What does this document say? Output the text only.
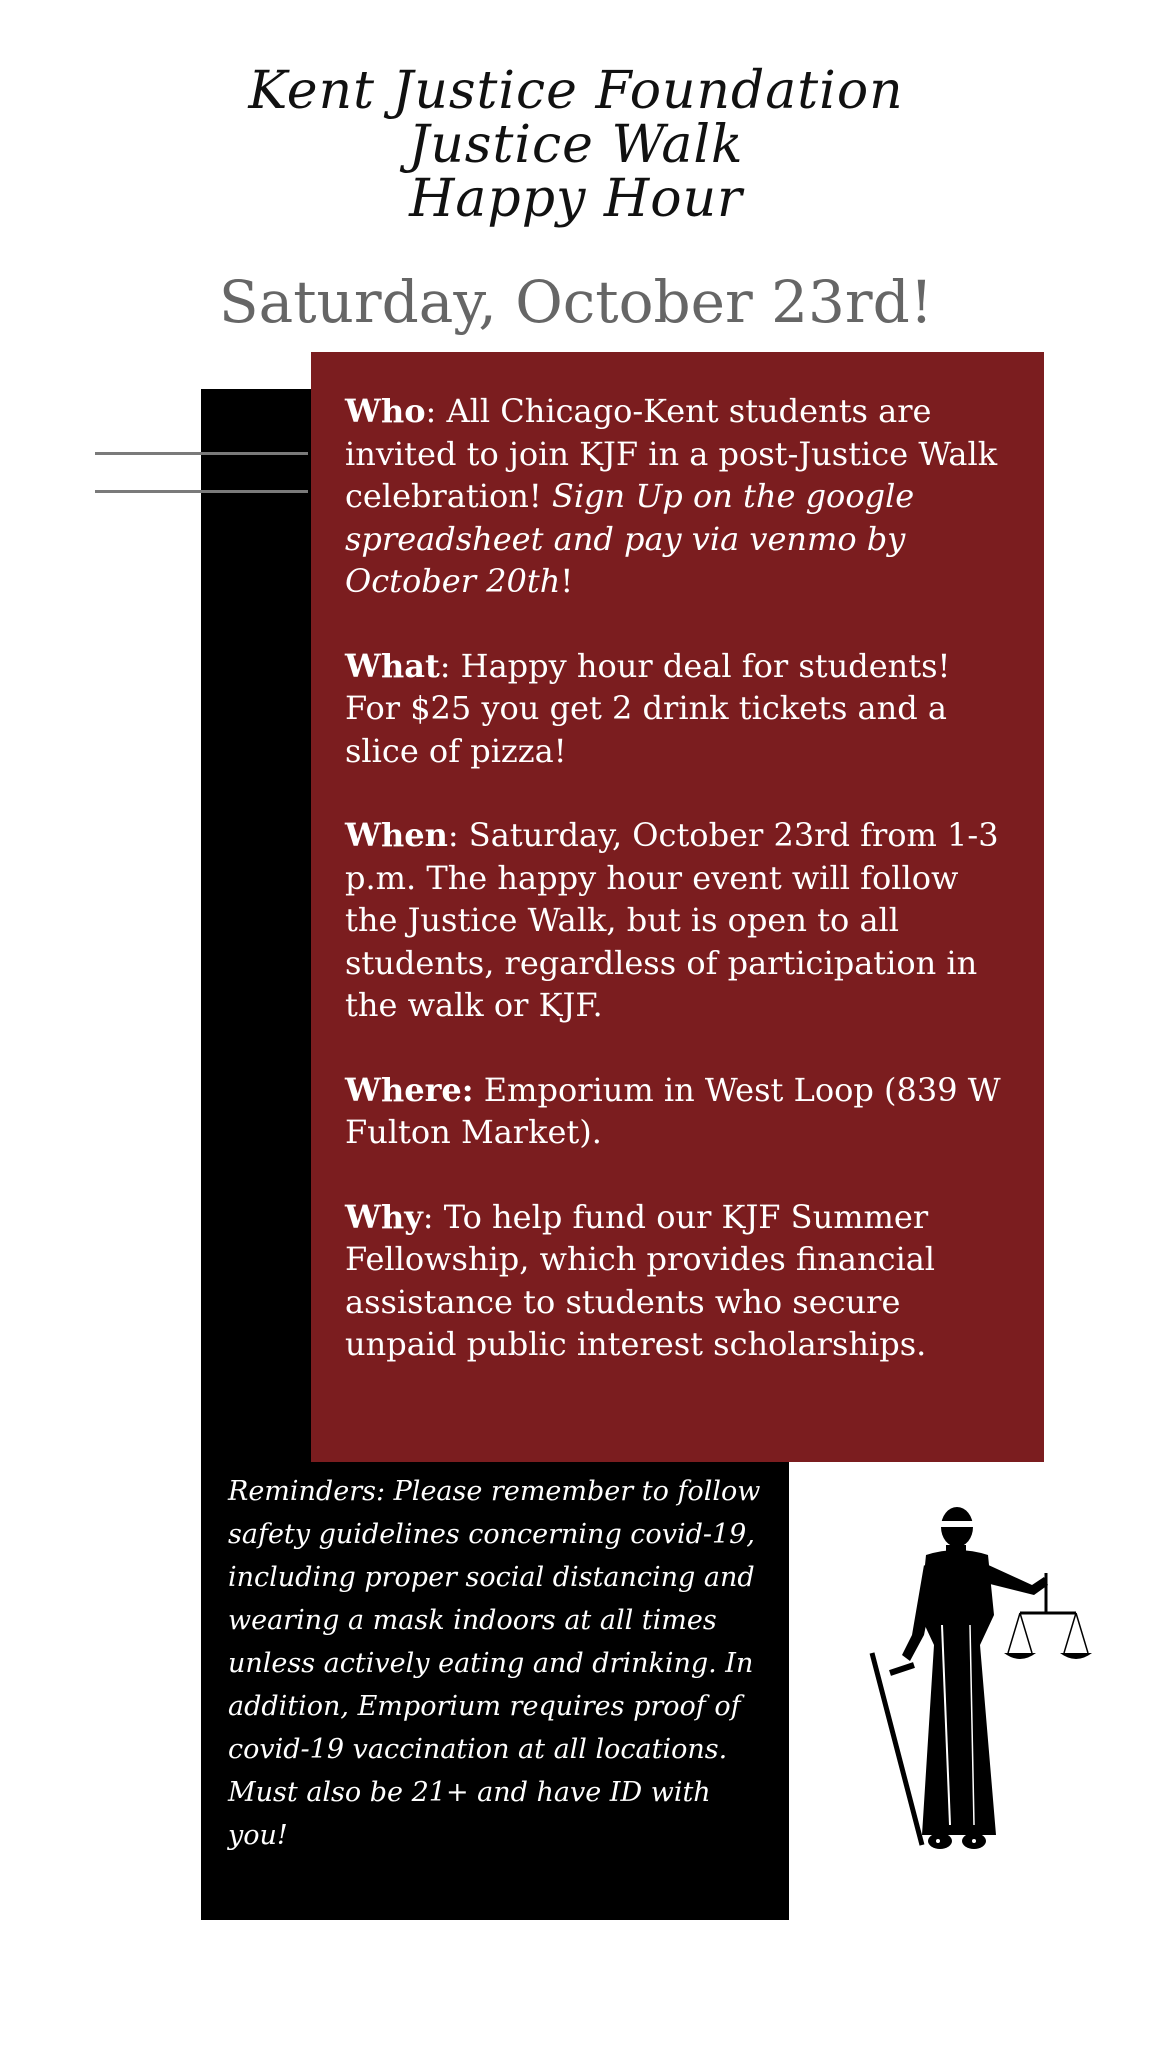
Kent Justice Foundation
Justice Walk
Happy Hour
Saturday, October 23rd!

Who: All Chicago-Kent students are invited to join KJF in a post-Justice Walk celebration! Sign Up on the google spreadsheet and pay via venmo by October 20th!

What: Happy hour deal for students! For $25 you get 2 drink tickets and a slice of pizza!

When: Saturday, October 23rd from 1-3 p.m. The happy hour event will follow the Justice Walk, but is open to all students, regardless of participation in the walk or KJF.

Where: Emporium in West Loop (839 W Fulton Market).

Why: To help fund our KJF Summer Fellowship, which provides financial assistance to students who secure unpaid public interest scholarships.

Reminders: Please remember to follow safety guidelines concerning covid-19, including proper social distancing and wearing a mask indoors at all times unless actively eating and drinking. In addition, Emporium requires proof of covid-19 vaccination at all locations. Must also be 21+ and have ID with you!
